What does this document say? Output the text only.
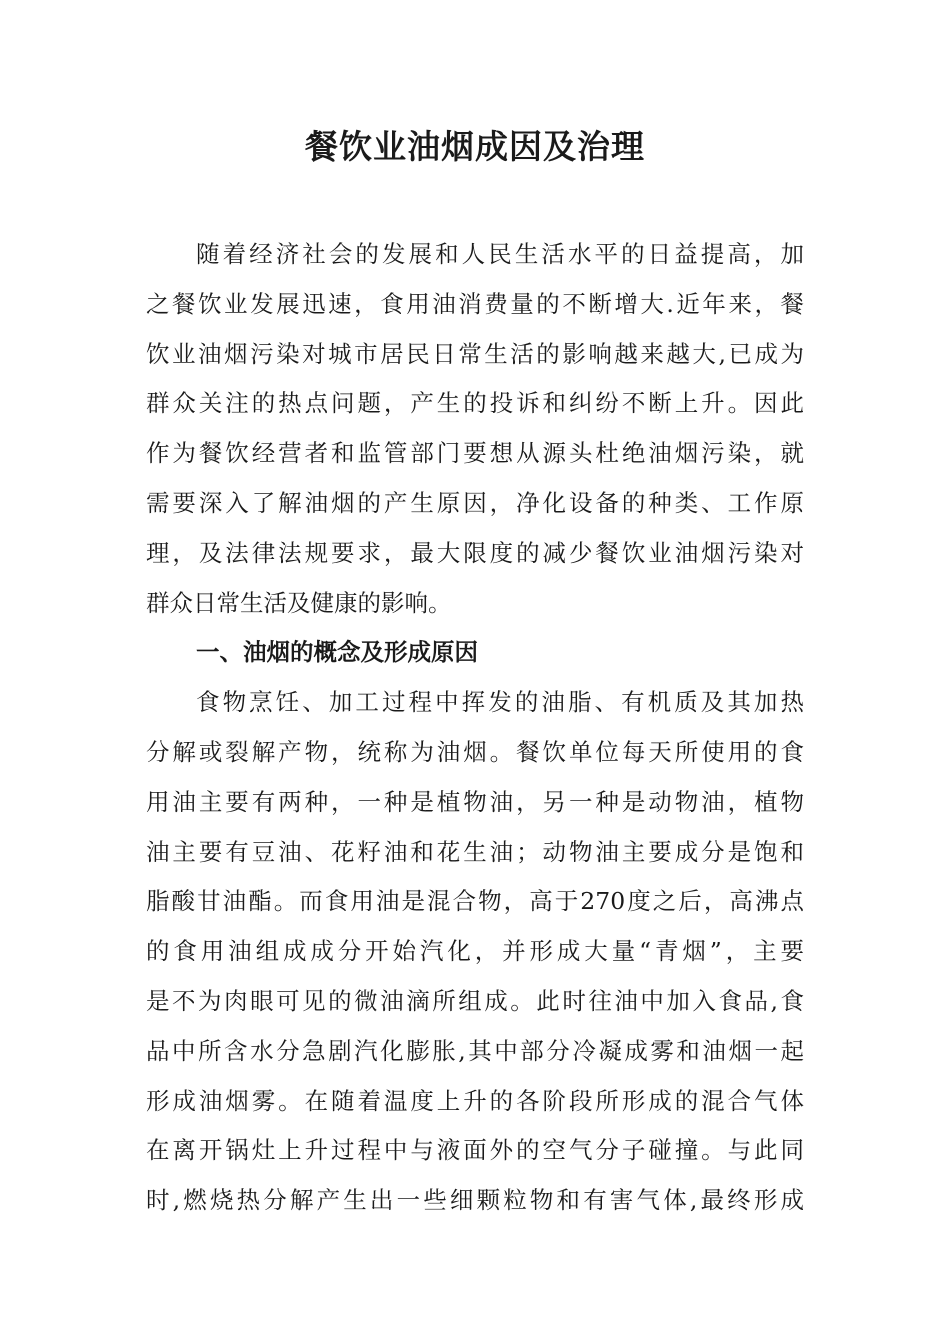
餐饮业油烟成因及治理
随着经济社会的发展和人民生活水平的日益提高，加
之餐饮业发展迅速，食用油消费量的不断增大.近年来，餐
饮业油烟污染对城市居民日常生活的影响越来越大,已成为
群众关注的热点问题，产生的投诉和纠纷不断上升。因此
作为餐饮经营者和监管部门要想从源头杜绝油烟污染，就
需要深入了解油烟的产生原因，净化设备的种类、工作原
理，及法律法规要求，最大限度的减少餐饮业油烟污染对
群众日常生活及健康的影响。
一、油烟的概念及形成原因
食物烹饪、加工过程中挥发的油脂、有机质及其加热
分解或裂解产物，统称为油烟。餐饮单位每天所使用的食
用油主要有两种，一种是植物油，另一种是动物油，植物
油主要有豆油、花籽油和花生油；动物油主要成分是饱和
脂酸甘油酯。而食用油是混合物，高于270度之后，高沸点
的食用油组成成分开始汽化，并形成大量“青烟”，主要
是不为肉眼可见的微油滴所组成。此时往油中加入食品,食
品中所含水分急剧汽化膨胀,其中部分冷凝成雾和油烟一起
形成油烟雾。在随着温度上升的各阶段所形成的混合气体
在离开锅灶上升过程中与液面外的空气分子碰撞。与此同
时,燃烧热分解产生出一些细颗粒物和有害气体,最终形成
